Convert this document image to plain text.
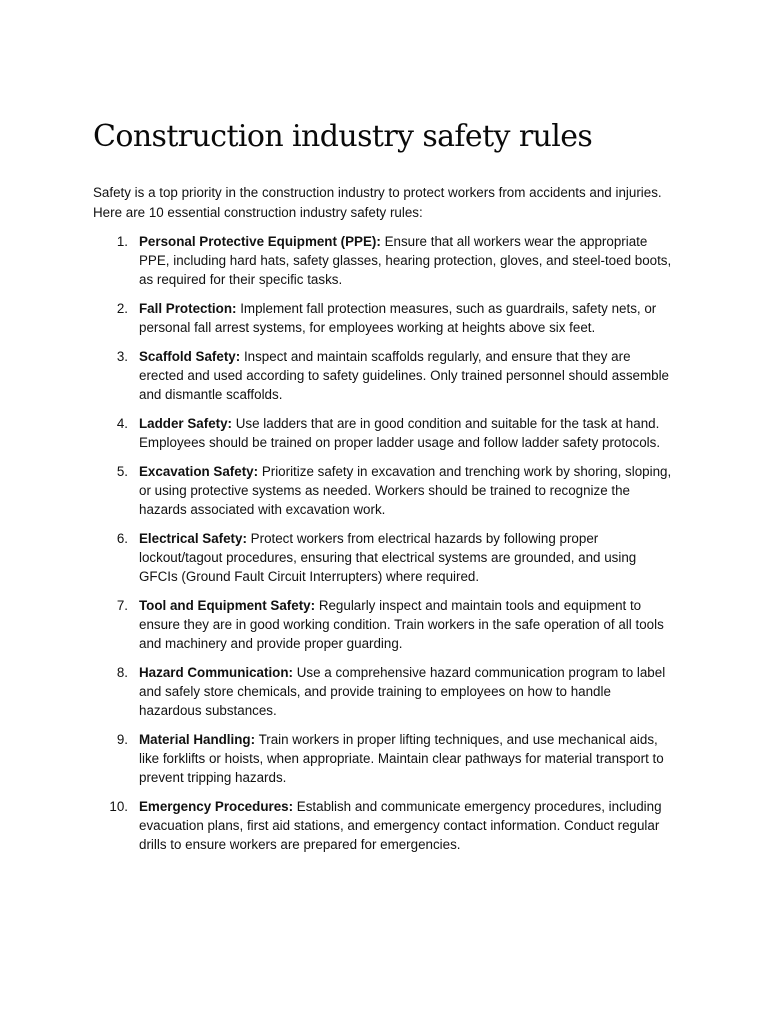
Construction industry safety rules

Safety is a top priority in the construction industry to protect workers from accidents and injuries. Here are 10 essential construction industry safety rules:

1. Personal Protective Equipment (PPE): Ensure that all workers wear the appropriate PPE, including hard hats, safety glasses, hearing protection, gloves, and steel-toed boots, as required for their specific tasks.
2. Fall Protection: Implement fall protection measures, such as guardrails, safety nets, or personal fall arrest systems, for employees working at heights above six feet.
3. Scaffold Safety: Inspect and maintain scaffolds regularly, and ensure that they are erected and used according to safety guidelines. Only trained personnel should assemble and dismantle scaffolds.
4. Ladder Safety: Use ladders that are in good condition and suitable for the task at hand. Employees should be trained on proper ladder usage and follow ladder safety protocols.
5. Excavation Safety: Prioritize safety in excavation and trenching work by shoring, sloping, or using protective systems as needed. Workers should be trained to recognize the hazards associated with excavation work.
6. Electrical Safety: Protect workers from electrical hazards by following proper lockout/tagout procedures, ensuring that electrical systems are grounded, and using GFCIs (Ground Fault Circuit Interrupters) where required.
7. Tool and Equipment Safety: Regularly inspect and maintain tools and equipment to ensure they are in good working condition. Train workers in the safe operation of all tools and machinery and provide proper guarding.
8. Hazard Communication: Use a comprehensive hazard communication program to label and safely store chemicals, and provide training to employees on how to handle hazardous substances.
9. Material Handling: Train workers in proper lifting techniques, and use mechanical aids, like forklifts or hoists, when appropriate. Maintain clear pathways for material transport to prevent tripping hazards.
10. Emergency Procedures: Establish and communicate emergency procedures, including evacuation plans, first aid stations, and emergency contact information. Conduct regular drills to ensure workers are prepared for emergencies.
